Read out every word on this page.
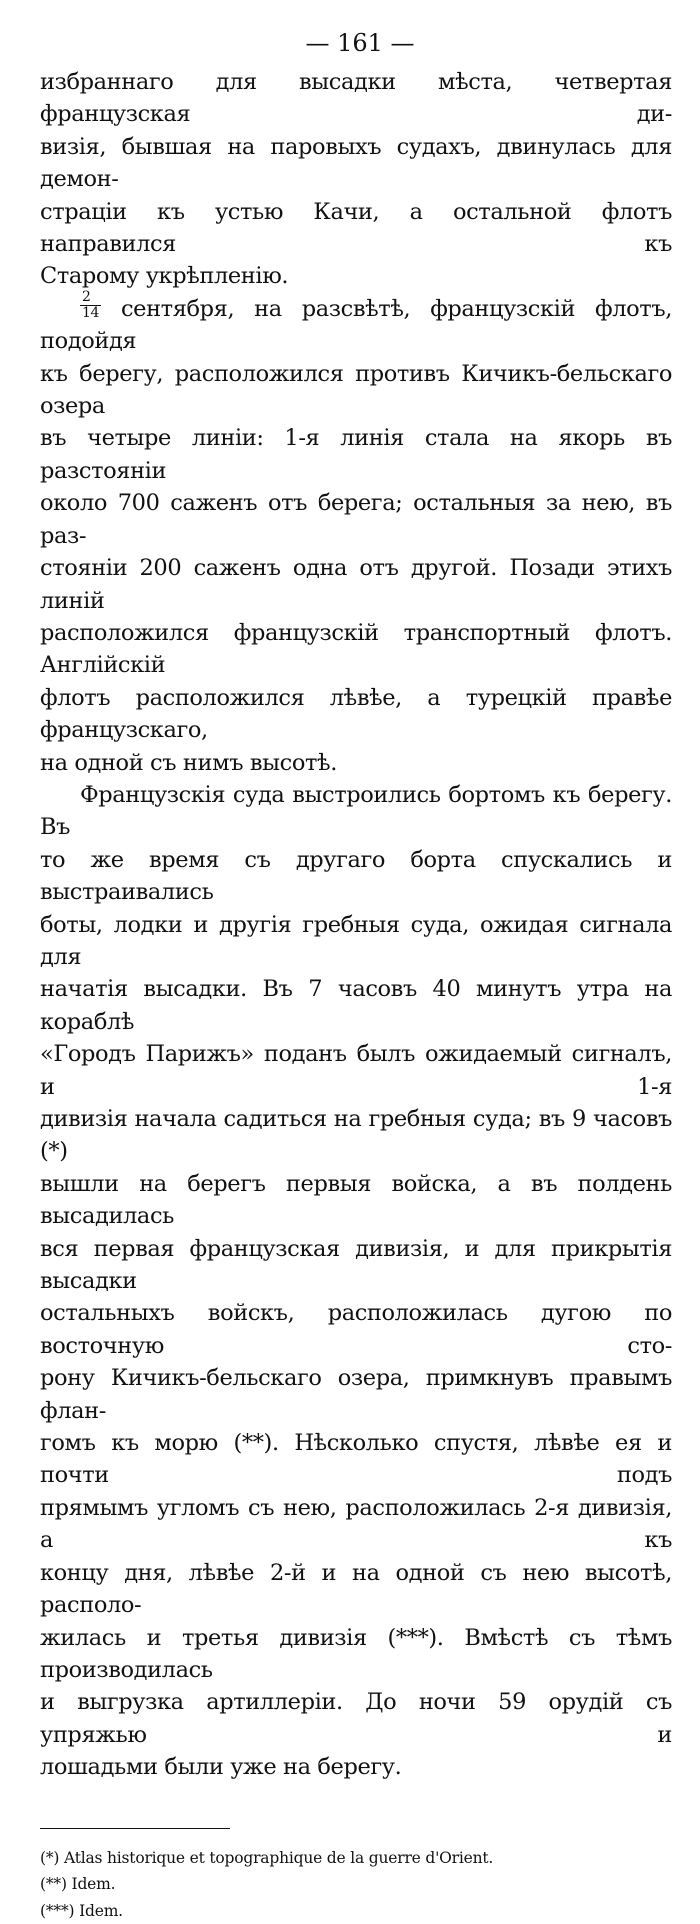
— 161 —

избраннаго для высадки мѣста, четвертая французская ди-

визія, бывшая на паровыхъ судахъ, двинулась для демон-

страціи къ устью Качи, а остальной флотъ направился къ

Старому укрѣпленію.

$\frac{2}{14}$ сентября, на разсвѣтѣ, французскій флотъ, подойдя

къ берегу, расположился противъ Кичикъ-бельскаго озера

въ четыре линіи: 1-я линія стала на якорь въ разстояніи

около 700 саженъ отъ берега; остальныя за нею, въ раз-

стояніи 200 саженъ одна отъ другой. Позади этихъ линій

расположился французскій транспортный флотъ. Англійскій

флотъ расположился лѣвѣе, а турецкій правѣе французскаго,

на одной съ нимъ высотѣ.

Французскія суда выстроились бортомъ къ берегу. Въ

то же время съ другаго борта спускались и выстраивались

боты, лодки и другія гребныя суда, ожидая сигнала для

начатія высадки. Въ 7 часовъ 40 минутъ утра на кораблѣ

«Городъ Парижъ» поданъ былъ ожидаемый сигналъ, и 1-я

дивизія начала садиться на гребныя суда; въ 9 часовъ (*)

вышли на берегъ первыя войска, а въ полдень высадилась

вся первая французская дивизія, и для прикрытія высадки

остальныхъ войскъ, расположилась дугою по восточную сто-

рону Кичикъ-бельскаго озера, примкнувъ правымъ флан-

гомъ къ морю (**). Нѣсколько спустя, лѣвѣе ея и почти подъ

прямымъ угломъ съ нею, расположилась 2-я дивизія, а къ

концу дня, лѣвѣе 2-й и на одной съ нею высотѣ, располо-

жилась и третья дивизія (***). Вмѣстѣ съ тѣмъ производилась

и выгрузка артиллеріи. До ночи 59 орудій съ упряжью и

лошадьми были уже на берегу.

(*) Atlas historique et topographique de la guerre d'Orient.
(**) Idem.
(***) Idem.
